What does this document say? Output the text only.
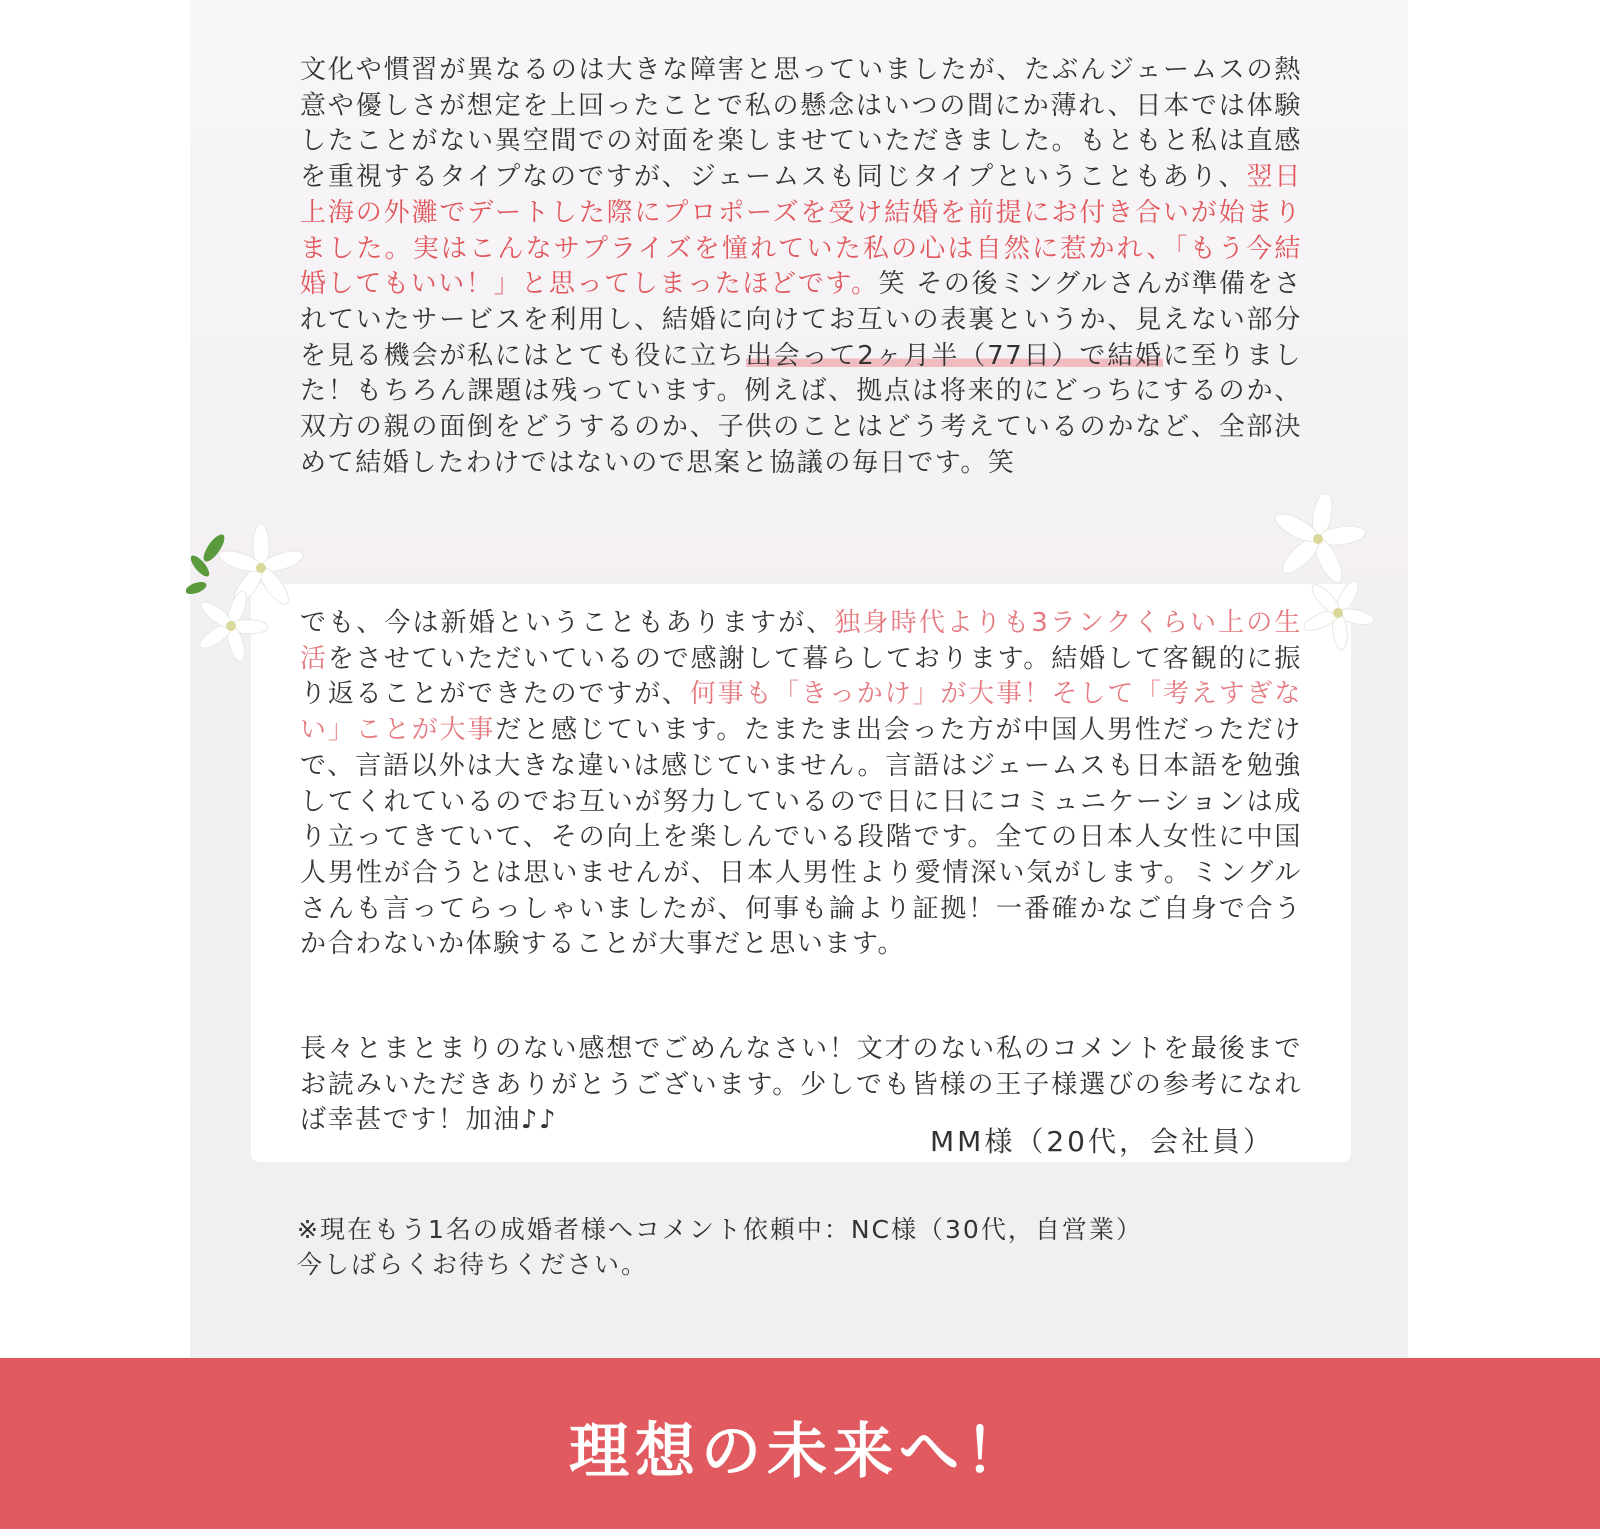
文化や慣習が異なるのは大きな障害と思っていましたが、たぶんジェームスの熱意や優しさが想定を上回ったことで私の懸念はいつの間にか薄れ、日本では体験したことがない異空間での対面を楽しませていただきました。もともと私は直感を重視するタイプなのですが、ジェームスも同じタイプということもあり、翌日上海の外灘でデートした際にプロポーズを受け結婚を前提にお付き合いが始まりました。実はこんなサプライズを憧れていた私の心は自然に惹かれ、「もう今結婚してもいい！」と思ってしまったほどです。笑 その後ミングルさんが準備をされていたサービスを利用し、結婚に向けてお互いの表裏というか、見えない部分を見る機会が私にはとても役に立ち出会って2ヶ月半（77日）で結婚に至りました！もちろん課題は残っています。例えば、拠点は将来的にどっちにするのか、双方の親の面倒をどうするのか、子供のことはどう考えているのかなど、全部決めて結婚したわけではないので思案と協議の毎日です。笑
でも、今は新婚ということもありますが、独身時代よりも3ランクくらい上の生活をさせていただいているので感謝して暮らしております。結婚して客観的に振り返ることができたのですが、何事も「きっかけ」が大事！そして「考えすぎない」ことが大事だと感じています。たまたま出会った方が中国人男性だっただけで、言語以外は大きな違いは感じていません。言語はジェームスも日本語を勉強してくれているのでお互いが努力しているので日に日にコミュニケーションは成り立ってきていて、その向上を楽しんでいる段階です。全ての日本人女性に中国人男性が合うとは思いませんが、日本人男性より愛情深い気がします。ミングルさんも言ってらっしゃいましたが、何事も論より証拠！一番確かなご自身で合うか合わないか体験することが大事だと思います。

長々とまとまりのない感想でごめんなさい！文才のない私のコメントを最後までお読みいただきありがとうございます。少しでも皆様の王子様選びの参考になれば幸甚です！加油♪♪

MM様（20代，会社員）
※現在もう1名の成婚者様へコメント依頼中：NC様（30代，自営業）
今しばらくお待ちください。
理想の未来へ！
